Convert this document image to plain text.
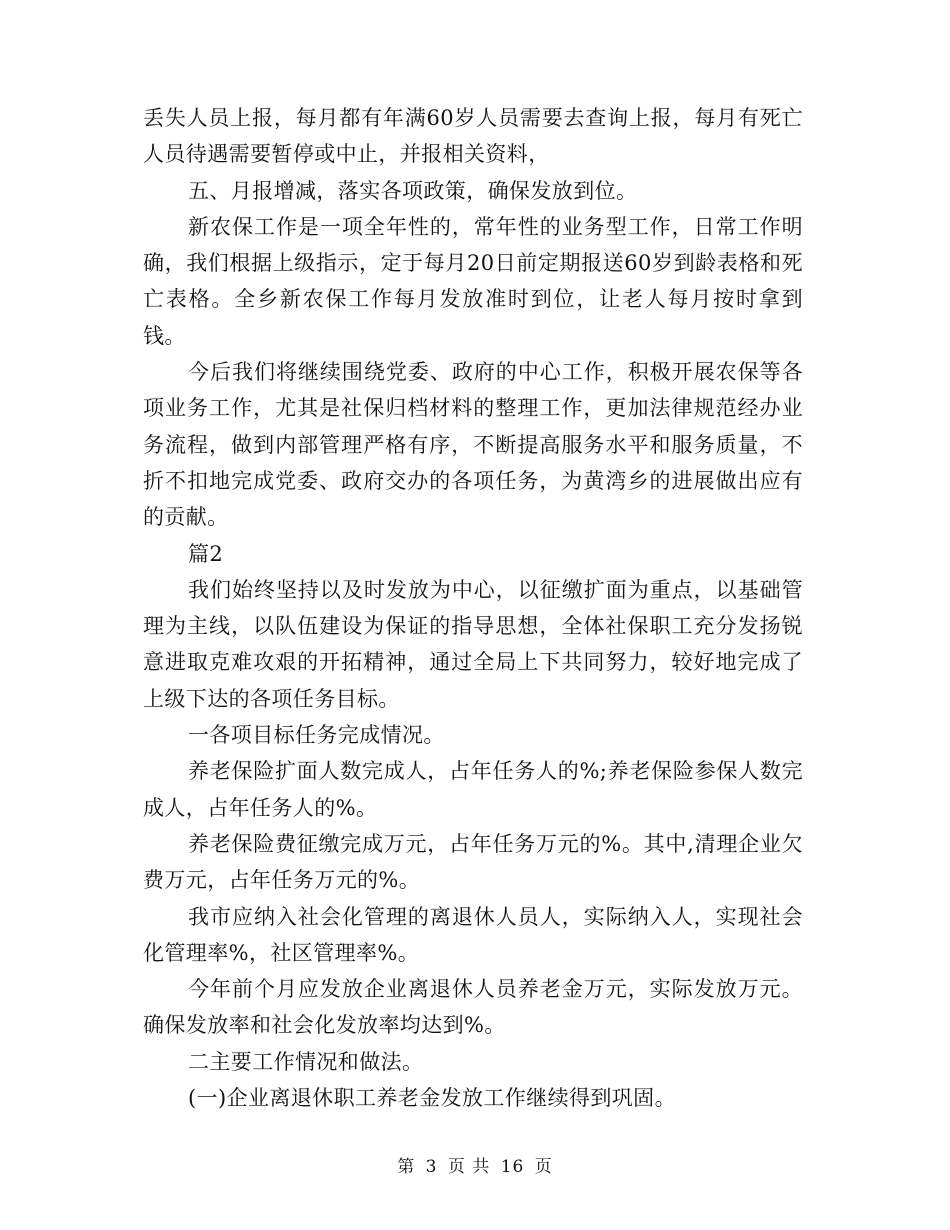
丢失人员上报，每月都有年满60岁人员需要去查询上报，每月有死亡人员待遇需要暂停或中止，并报相关资料，

五、月报增减，落实各项政策，确保发放到位。

新农保工作是一项全年性的，常年性的业务型工作，日常工作明确，我们根据上级指示，定于每月20日前定期报送60岁到龄表格和死亡表格。全乡新农保工作每月发放准时到位，让老人每月按时拿到钱。

今后我们将继续围绕党委、政府的中心工作，积极开展农保等各项业务工作，尤其是社保归档材料的整理工作，更加法律规范经办业务流程，做到内部管理严格有序，不断提高服务水平和服务质量，不折不扣地完成党委、政府交办的各项任务，为黄湾乡的进展做出应有的贡献。

篇2

我们始终坚持以及时发放为中心，以征缴扩面为重点，以基础管理为主线，以队伍建设为保证的指导思想，全体社保职工充分发扬锐意进取克难攻艰的开拓精神，通过全局上下共同努力，较好地完成了上级下达的各项任务目标。

一各项目标任务完成情况。

养老保险扩面人数完成人，占年任务人的%;养老保险参保人数完成人，占年任务人的%。

养老保险费征缴完成万元，占年任务万元的%。其中,清理企业欠费万元，占年任务万元的%。

我市应纳入社会化管理的离退休人员人，实际纳入人，实现社会化管理率%，社区管理率%。

今年前个月应发放企业离退休人员养老金万元，实际发放万元。确保发放率和社会化发放率均达到%。

二主要工作情况和做法。

(一)企业离退休职工养老金发放工作继续得到巩固。

第 3 页 共 16 页
